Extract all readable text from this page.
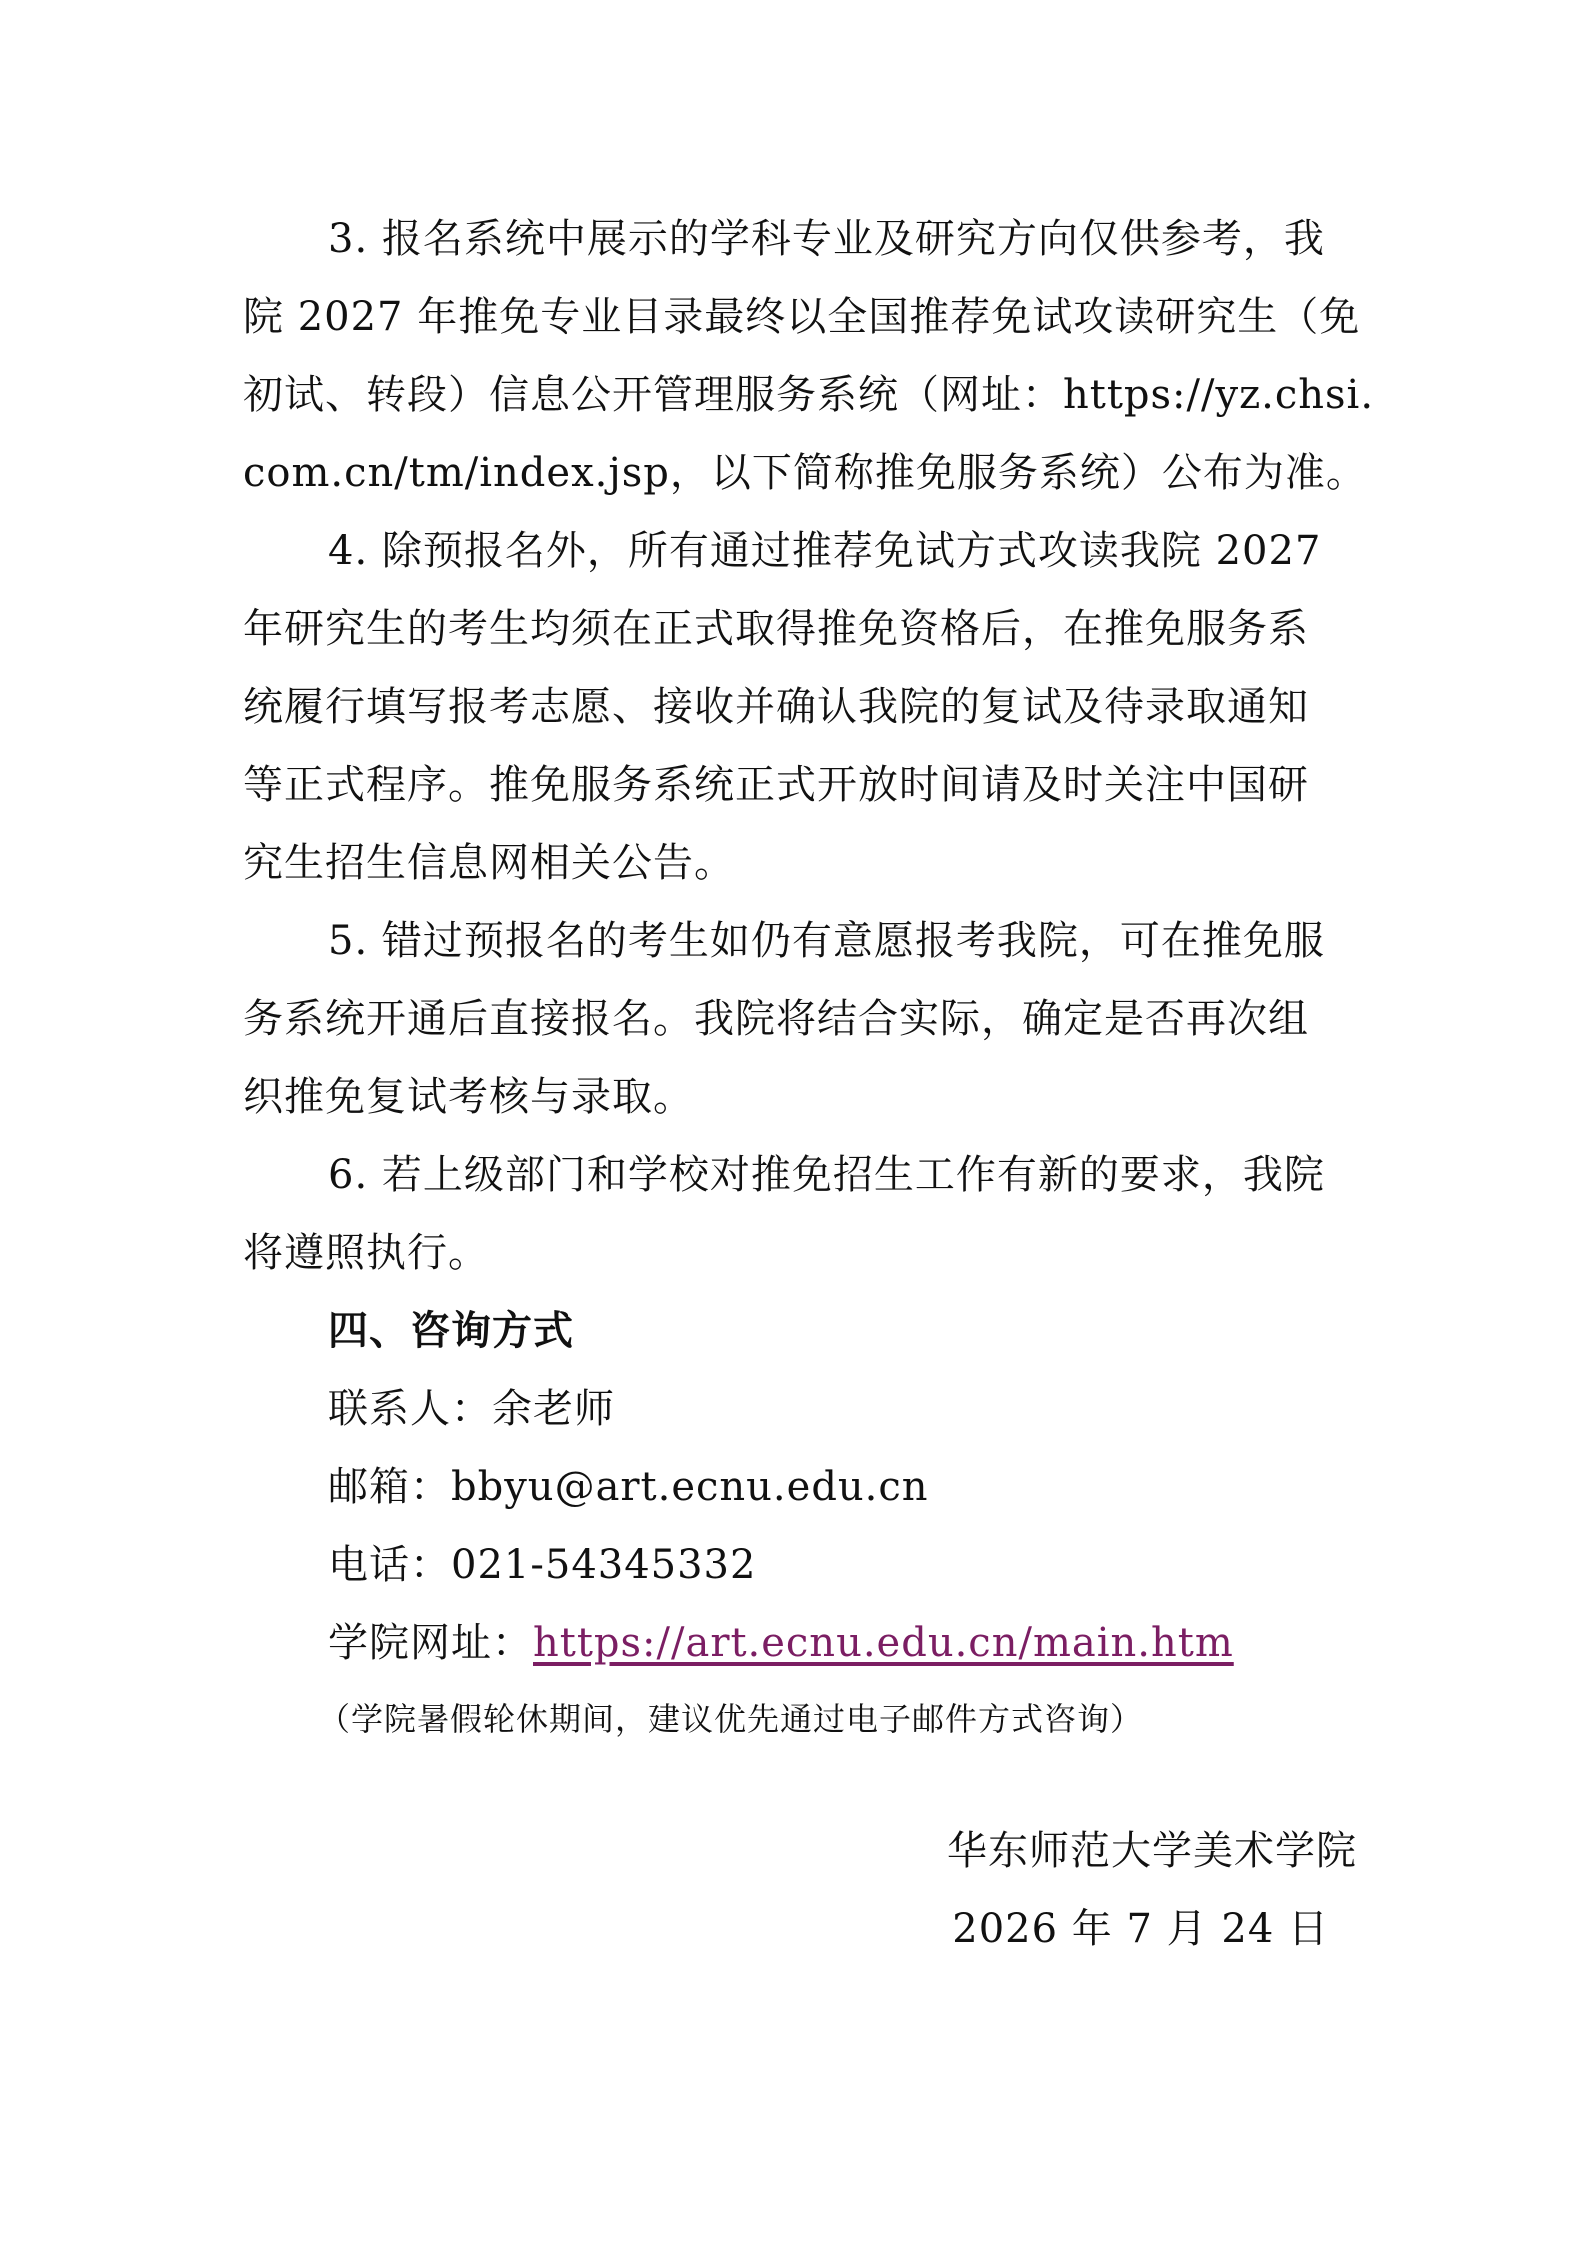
3. 报名系统中展示的学科专业及研究方向仅供参考，我
院 2027 年推免专业目录最终以全国推荐免试攻读研究生（免
初试、转段）信息公开管理服务系统（网址：https://yz.chsi.
com.cn/tm/index.jsp，以下简称推免服务系统）公布为准。
4. 除预报名外，所有通过推荐免试方式攻读我院 2027
年研究生的考生均须在正式取得推免资格后，在推免服务系
统履行填写报考志愿、接收并确认我院的复试及待录取通知
等正式程序。推免服务系统正式开放时间请及时关注中国研
究生招生信息网相关公告。
5. 错过预报名的考生如仍有意愿报考我院，可在推免服
务系统开通后直接报名。我院将结合实际，确定是否再次组
织推免复试考核与录取。
6. 若上级部门和学校对推免招生工作有新的要求，我院
将遵照执行。
四、咨询方式
联系人：余老师
邮箱：bbyu@art.ecnu.edu.cn
电话：021-54345332
学院网址：https://art.ecnu.edu.cn/main.htm
（学院暑假轮休期间，建议优先通过电子邮件方式咨询）
华东师范大学美术学院
2026 年 7 月 24 日
